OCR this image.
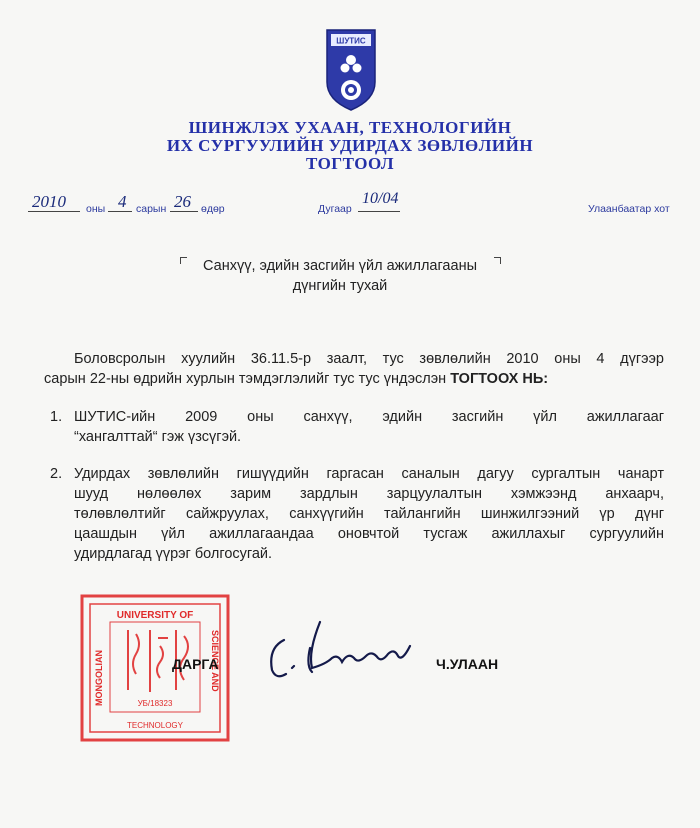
ШУТИС
ШИНЖЛЭХ УХААН, ТЕХНОЛОГИЙН
ИХ СУРГУУЛИЙН УДИРДАХ ЗӨВЛӨЛИЙН
ТОГТООЛ
2010 оны 4 сарын 26 өдөр	Дугаар
10/04
Улаанбаатар хот
Санхүү, эдийн засгийн үйл ажиллагааны
дүнгийн тухай
Боловсролын хуулийн 36.11.5-р заалт, тус зөвлөлийн 2010 оны 4 дүгээр
сарын 22-ны өдрийн хурлын тэмдэглэлийг тус тус үндэслэн ТОГТООХ НЬ:
1. ШУТИС-ийн 2009 оны санхүү, эдийн засгийн үйл ажиллагааг
“хангалттай“ гэж үзсүгэй.
2. Удирдах зөвлөлийн гишүүдийн гаргасан саналын дагуу сургалтын чанарт
шууд нөлөөлөх зарим зардлын зарцуулалтын хэмжээнд анхаарч,
төлөвлөлтийг сайжруулах, санхүүгийн тайлангийн шинжилгээний үр дүнг
цаашдын үйл ажиллагаандаа оновчтой тусгаж ажиллахыг сургуулийн
удирдлагад үүрэг болгосугай.
UNIVERSITY OF
SCIENCE AND
MONGOLIAN	УБ/18323
TECHNOLOGY
ДАРГА	Ч.УЛААН
